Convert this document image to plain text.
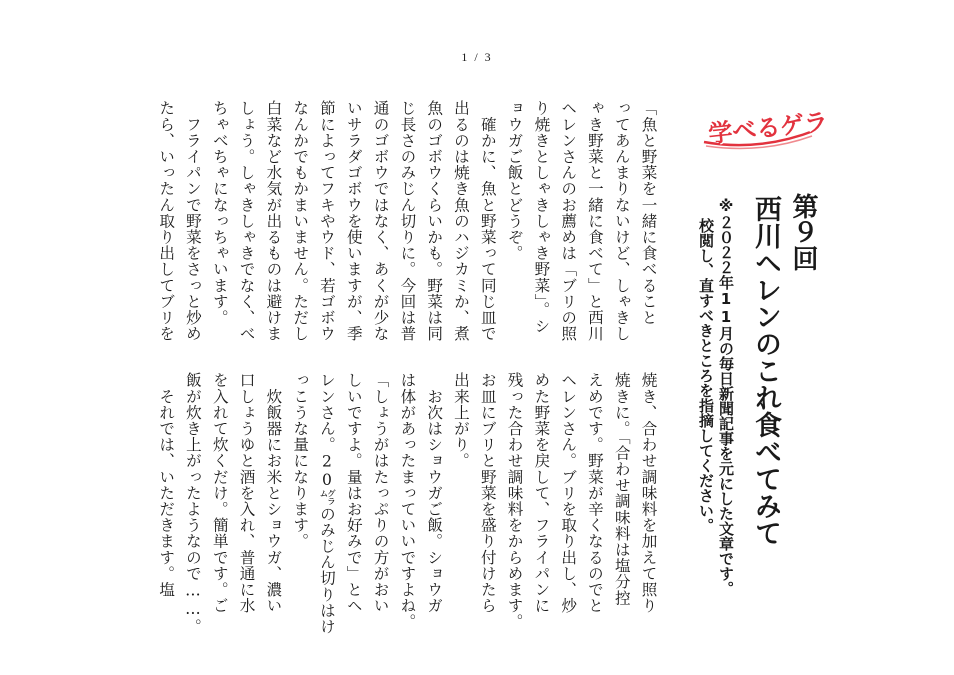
1 / 3
学べるゲラ
第９回
西川ヘレンのこれ食べてみて
※２０２２年11月の毎日新聞記事を元にした文章です。
校閲し、直すべきところを指摘してください。
「魚と野菜を一緒に食べること
ってあんまりないけど、しゃきし
ゃき野菜と一緒に食べて」と西川
ヘレンさんのお薦めは「ブリの照
り焼きとしゃきしゃき野菜」。シ
ョウガご飯とどうぞ。
　確かに、魚と野菜って同じ皿で
出るのは焼き魚のハジカミか、煮
魚のゴボウくらいかも。野菜は同
じ長さのみじん切りに。今回は普
通のゴボウではなく、あくが少な
いサラダゴボウを使いますが、季
節によってフキやウド、若ゴボウ
なんかでもかまいません。ただし
白菜など水気が出るものは避けま
しょう。しゃきしゃきでなく、べ
ちゃべちゃになっちゃいます。
　フライパンで野菜をさっと炒め
たら、いったん取り出してブリを
焼き、合わせ調味料を加えて照り
焼きに。「合わせ調味料は塩分控
えめです。野菜が辛くなるのでと
ヘレンさん。ブリを取り出し、炒
めた野菜を戻して、フライパンに
残った合わせ調味料をからめます。
お皿にブリと野菜を盛り付けたら
出来上がり。
　お次はショウガご飯。ショウガ
は体があったまっていいですよね。
「しょうがはたっぷりの方がおい
しいですよ。量はお好みで」とヘ
レンさん。20㌘のみじん切りはけ
っこうな量になります。
　炊飯器にお米とショウガ、濃い
口しょうゆと酒を入れ、普通に水
を入れて炊くだけ。簡単です。ご
飯が炊き上がったようなので……。
　それでは、いただきます。塩
